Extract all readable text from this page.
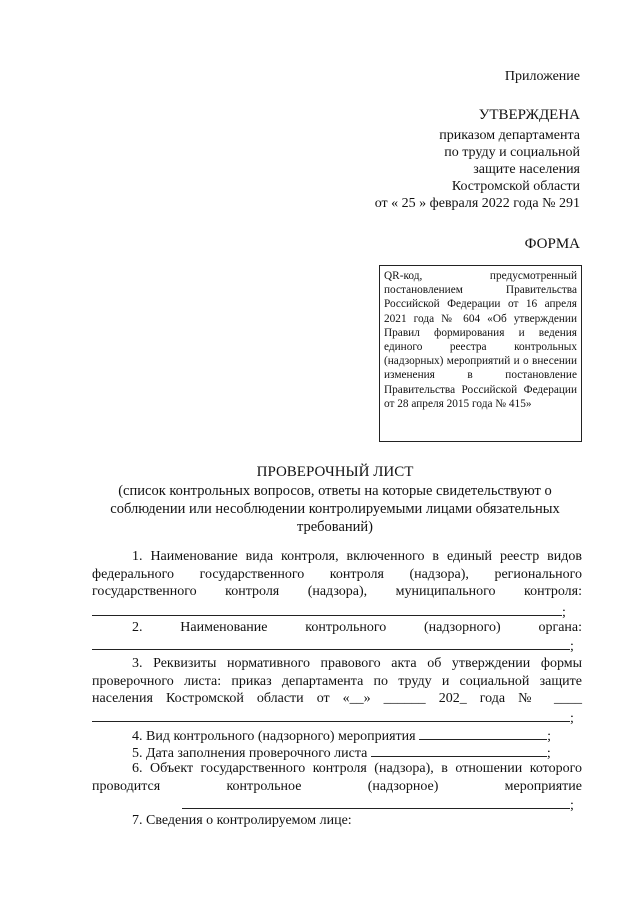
Приложение
УТВЕРЖДЕНА
приказом департамента
по труду и социальной
защите населения
Костромской области
от « 25 » февраля 2022 года № 291
ФОРМА
QR-код, предусмотренный постановлением Правительства Российской Федерации от 16 апреля 2021 года № 604 «Об утверждении Правил формирования и ведения единого реестра контрольных (надзорных) мероприятий и о внесении изменения в постановление Правительства Российской Федерации от 28 апреля 2015 года № 415»
ПРОВЕРОЧНЫЙ ЛИСТ
(список контрольных вопросов, ответы на которые свидетельствуют о соблюдении или несоблюдении контролируемыми лицами обязательных требований)
1. Наименование вида контроля, включенного в единый реестр видов федерального государственного контроля (надзора), регионального государственного контроля (надзора), муниципального контроля:
;
2. Наименование контрольного (надзорного) органа:
;
3. Реквизиты нормативного правового акта об утверждении формы проверочного листа: приказ департамента по труду и социальной защите населения Костромской области от «__» ______ 202_ года № ____
;
4. Вид контрольного (надзорного) мероприятия	;
5. Дата заполнения проверочного листа	;
6. Объект государственного контроля (надзора), в отношении которого проводится контрольное (надзорное) мероприятие
;
7. Сведения о контролируемом лице:
